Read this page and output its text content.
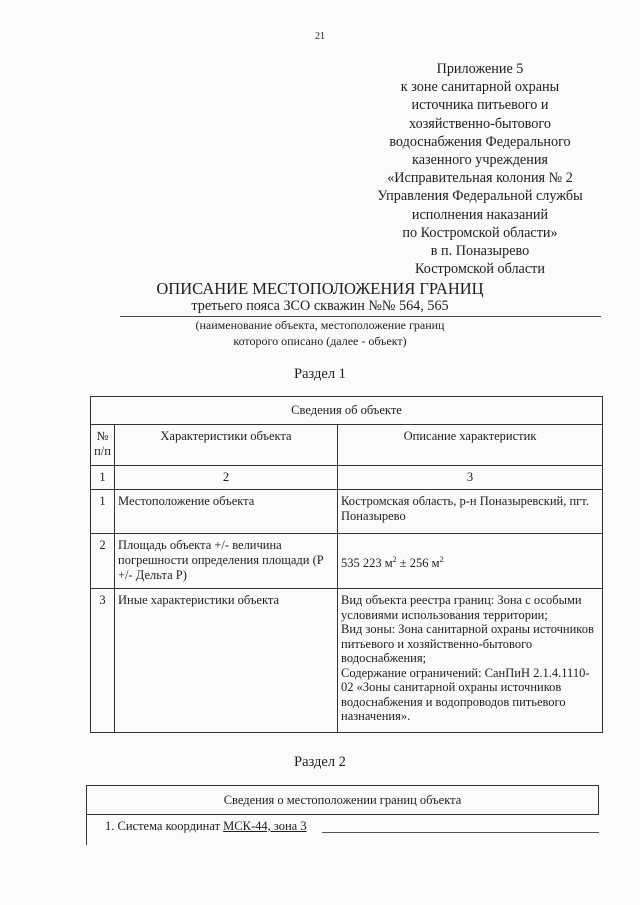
21
Приложение 5
к зоне санитарной охраны
источника питьевого и
хозяйственно-бытового
водоснабжения Федерального
казенного учреждения
«Исправительная колония № 2
Управления Федеральной службы
исполнения наказаний
по Костромской области»
в п. Поназырево
Костромской области
ОПИСАНИЕ МЕСТОПОЛОЖЕНИЯ ГРАНИЦ
третьего пояса ЗСО скважин №№ 564, 565
(наименование объекта, местоположение границ
которого описано (далее - объект)
Раздел 1
Сведения об объекте		
№
п/п	Характеристики объекта	Описание характеристик
1	2	3
1	Местоположение объекта	Костромская область, р-н Поназыревский, пгт. Поназырево
2	Площадь объекта +/- величина погрешности определения площади (Р +/- Дельта Р)	535 223 $м^2 \pm 256$ $м^2$
3	Иные характеристики объекта	Вид объекта реестра границ: Зона с особыми условиями использования территории;
Вид зоны: Зона санитарной охраны источников питьевого и хозяйственно-бытового водоснабжения;
Содержание ограничений: СанПиН 2.1.4.1110-02 «Зоны санитарной охраны источников водоснабжения и водопроводов питьевого назначения».
Раздел 2
Сведения о местоположении границ объекта
1. Система координат МСК-44, зона 3
